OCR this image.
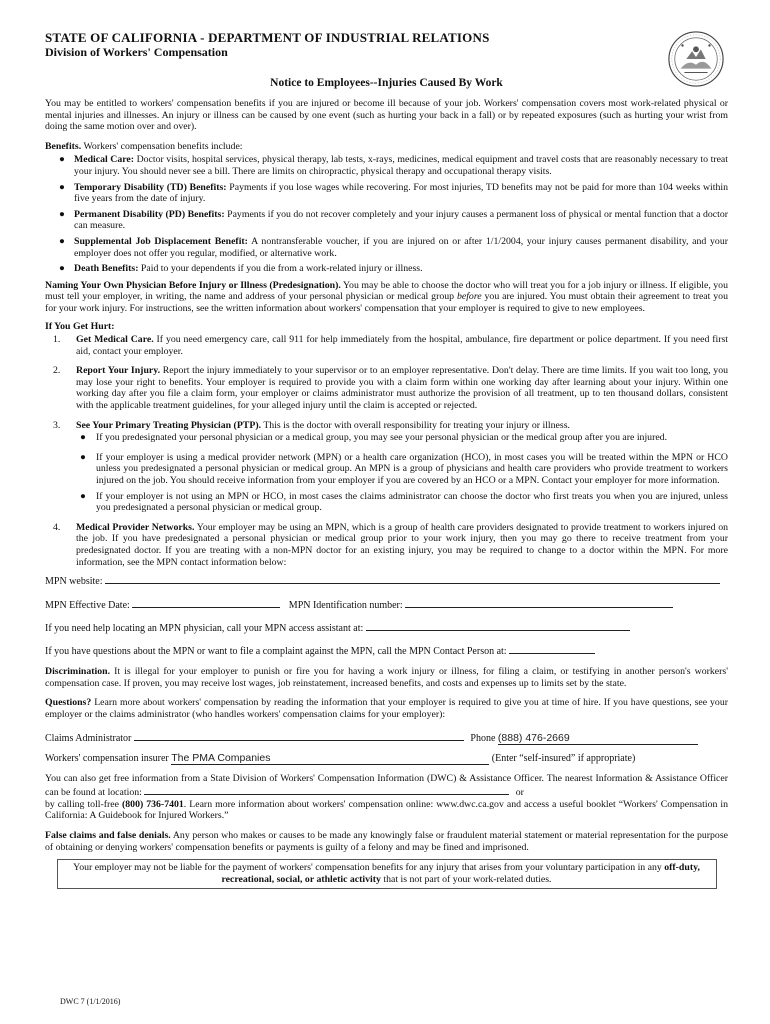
STATE OF CALIFORNIA - DEPARTMENT OF INDUSTRIAL RELATIONS
Division of Workers' Compensation
Notice to Employees--Injuries Caused By Work

You may be entitled to workers' compensation benefits if you are injured or become ill because of your job. Workers' compensation covers most work-related physical or mental injuries and illnesses. An injury or illness can be caused by one event (such as hurting your back in a fall) or by repeated exposures (such as hurting your wrist from doing the same motion over and over).

Benefits. Workers' compensation benefits include:
● Medical Care: Doctor visits, hospital services, physical therapy, lab tests, x-rays, medicines, medical equipment and travel costs that are reasonably necessary to treat your injury. You should never see a bill. There are limits on chiropractic, physical therapy and occupational therapy visits.
● Temporary Disability (TD) Benefits: Payments if you lose wages while recovering. For most injuries, TD benefits may not be paid for more than 104 weeks within five years from the date of injury.
● Permanent Disability (PD) Benefits: Payments if you do not recover completely and your injury causes a permanent loss of physical or mental function that a doctor can measure.
● Supplemental Job Displacement Benefit: A nontransferable voucher, if you are injured on or after 1/1/2004, your injury causes permanent disability, and your employer does not offer you regular, modified, or alternative work.
● Death Benefits: Paid to your dependents if you die from a work-related injury or illness.

Naming Your Own Physician Before Injury or Illness (Predesignation). You may be able to choose the doctor who will treat you for a job injury or illness. If eligible, you must tell your employer, in writing, the name and address of your personal physician or medical group before you are injured. You must obtain their agreement to treat you for your work injury. For instructions, see the written information about workers' compensation that your employer is required to give to new employees.

If You Get Hurt:
1. Get Medical Care. If you need emergency care, call 911 for help immediately from the hospital, ambulance, fire department or police department. If you need first aid, contact your employer.
2. Report Your Injury. Report the injury immediately to your supervisor or to an employer representative. Don't delay. There are time limits. If you wait too long, you may lose your right to benefits. Your employer is required to provide you with a claim form within one working day after learning about your injury. Within one working day after you file a claim form, your employer or claims administrator must authorize the provision of all treatment, up to ten thousand dollars, consistent with the applicable treatment guidelines, for your alleged injury until the claim is accepted or rejected.
3. See Your Primary Treating Physician (PTP). This is the doctor with overall responsibility for treating your injury or illness.
● If you predesignated your personal physician or a medical group, you may see your personal physician or the medical group after you are injured.
● If your employer is using a medical provider network (MPN) or a health care organization (HCO), in most cases you will be treated within the MPN or HCO unless you predesignated a personal physician or medical group. An MPN is a group of physicians and health care providers who provide treatment to workers injured on the job. You should receive information from your employer if you are covered by an HCO or a MPN. Contact your employer for more information.
● If your employer is not using an MPN or HCO, in most cases the claims administrator can choose the doctor who first treats you when you are injured, unless you predesignated a personal physician or medical group.
4. Medical Provider Networks. Your employer may be using an MPN, which is a group of health care providers designated to provide treatment to workers injured on the job. If you have predesignated a personal physician or medical group prior to your work injury, then you may go there to receive treatment from your predesignated doctor. If you are treating with a non-MPN doctor for an existing injury, you may be required to change to a doctor within the MPN. For more information, see the MPN contact information below:
MPN website:
MPN Effective Date:	MPN Identification number:
If you need help locating an MPN physician, call your MPN access assistant at:
If you have questions about the MPN or want to file a complaint against the MPN, call the MPN Contact Person at:

Discrimination. It is illegal for your employer to punish or fire you for having a work injury or illness, for filing a claim, or testifying in another person's workers' compensation case. If proven, you may receive lost wages, job reinstatement, increased benefits, and costs and expenses up to limits set by the state.

Questions? Learn more about workers' compensation by reading the information that your employer is required to give you at time of hire. If you have questions, see your employer or the claims administrator (who handles workers' compensation claims for your employer):

Claims Administrator	Phone (888) 476-2669
Workers' compensation insurer The PMA Companies	(Enter “self-insured” if appropriate)

You can also get free information from a State Division of Workers' Compensation Information (DWC) & Assistance Officer. The nearest Information & Assistance Officer can be found at location:	or
by calling toll-free (800) 736-7401. Learn more information about workers' compensation online: www.dwc.ca.gov and access a useful booklet “Workers' Compensation in California: A Guidebook for Injured Workers.”

False claims and false denials. Any person who makes or causes to be made any knowingly false or fraudulent material statement or material representation for the purpose of obtaining or denying workers' compensation benefits or payments is guilty of a felony and may be fined and imprisoned.

Your employer may not be liable for the payment of workers' compensation benefits for any injury that arises from your voluntary participation in any off-duty, recreational, social, or athletic activity that is not part of your work-related duties.
DWC 7 (1/1/2016)
